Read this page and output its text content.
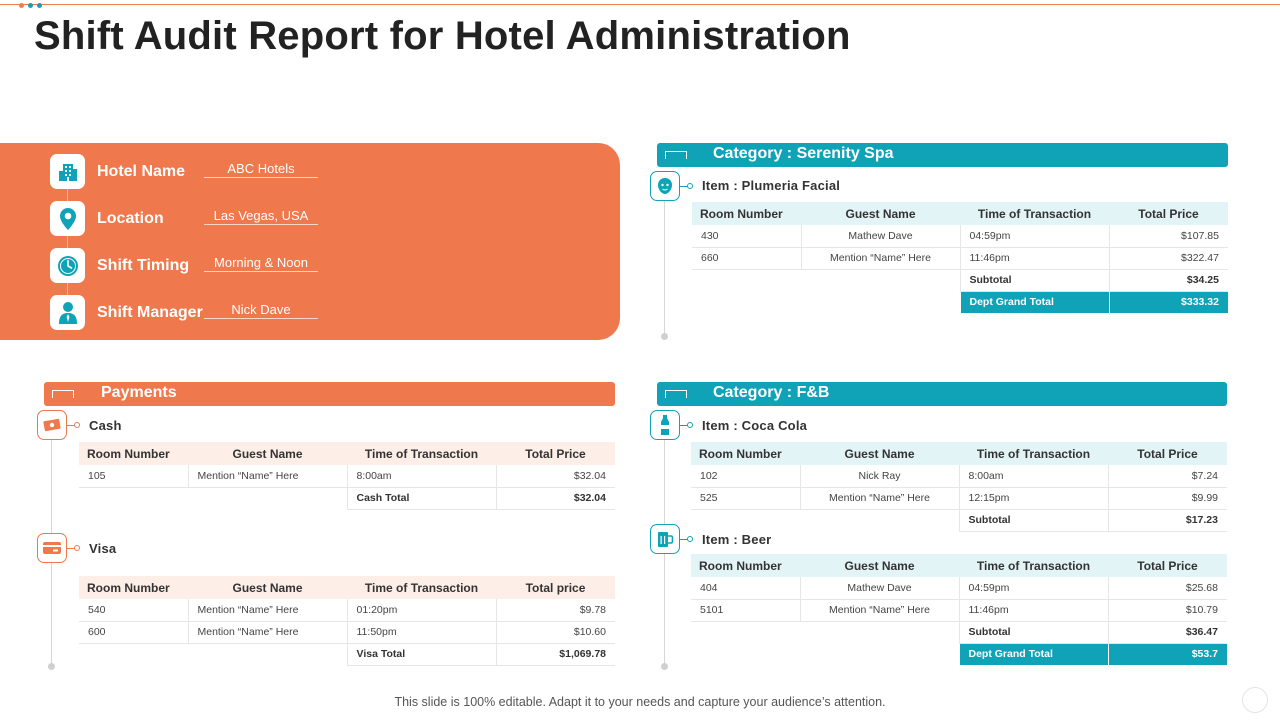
Shift Audit Report for Hotel Administration
Hotel Name	ABC Hotels
Location	Las Vegas, USA
Shift Timing	Morning & Noon
Shift Manager	Nick Dave
Payments
Cash
Room Number	Guest Name	Time of Transaction	Total Price
105	Mention “Name” Here	8:00am	$32.04
		Cash Total	$32.04
Visa
Room Number	Guest Name	Time of Transaction	Total price
540	Mention “Name” Here	01:20pm	$9.78
600	Mention “Name” Here	11:50pm	$10.60
		Visa Total	$1,069.78
Category : Serenity Spa
Item : Plumeria Facial
Room Number	Guest Name	Time of Transaction	Total Price
430	Mathew Dave	04:59pm	$107.85
660	Mention “Name” Here	11:46pm	$322.47
		Subtotal	$34.25
		Dept Grand Total	$333.32
Category : F&B
Item : Coca Cola
Room Number	Guest Name	Time of Transaction	Total Price
102	Nick Ray	8:00am	$7.24
525	Mention “Name” Here	12:15pm	$9.99
		Subtotal	$17.23
Item : Beer
Room Number	Guest Name	Time of Transaction	Total Price
404	Mathew Dave	04:59pm	$25.68
5101	Mention “Name” Here	11:46pm	$10.79
		Subtotal	$36.47
		Dept Grand Total	$53.7
This slide is 100% editable. Adapt it to your needs and capture your audience’s attention.
